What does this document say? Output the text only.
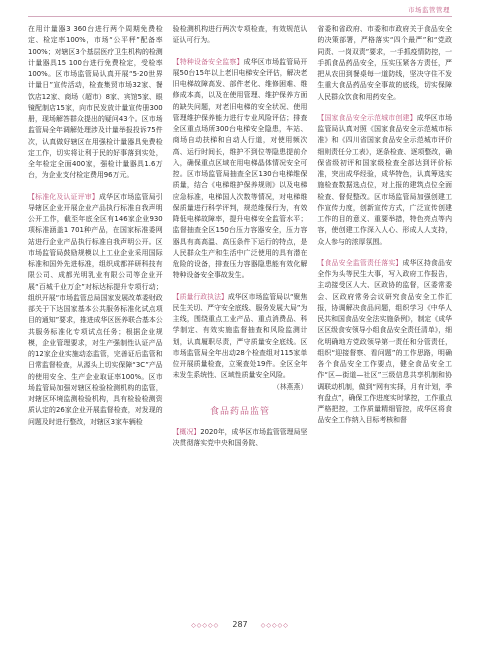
市场监管管理

在用计量器3 360台进行两个周期免费检定、检定率100%，市场“公平秤”配备率100%；对辖区3个基层医疗卫生机构的检测计量器具15 100台进行免费检定，受检率100%。区市场监管局认真开展“5·20世界计量日”宣传活动，检查集贸市场32家、餐饮店12家、商场（超市）8家、宾馆5家、眼镜配制店15家，向市民发放计量宣传册300册，现场解答群众提出的疑问43个。区市场监管局全年调解处理涉及计量举报投诉75件次，认真做好辖区在用强检计量器具免费检定工作，切实将让利于民的好事落到实处，全年检定全面400家，强检计量器具1.6万台，为企业支付检定费用96万元。

【标准化及认证评审】成华区市场监管局引导辖区企业开展企业产品执行标准自我声明公开工作，截至年底全区有146家企业930项标准涵盖1 701种产品，在国家标准委网站进行企业产品执行标准自我声明公开。区市场监管局鼓励规模以上工业企业采用国际标准和国外先进标准，组织成都祥研科技有限公司、成都光明乳业有限公司等企业开展“百城千业万企”对标达标提升专项行动；组织开展“市场监管总局国家发展改革委财政部关于下达国家基本公共服务标准化试点项目的通知”要求，推进成华区医养联合基本公共服务标准化专项试点任务；根据企业规模，企业管理要求，对生产强制性认证产品的12家企业实施动态监管，完善证后监管和日常监督检查，从源头上切实保障“3C”产品的使用安全、生产企业取证率100%。区市场监管局加强对辖区检验检测机构的监管，对辖区环境监测检验机构，具有检验检测资质认定的26家企业开展监督检查，对发现的问题及时进行整改，对辖区3家车辆检

验检测机构进行两次专项检查，有效规范认证认可行为。

【特种设备安全监察】成华区市场监管局开展50台15年以上老旧电梯安全评估，解决老旧电梯故障高发、部件老化、维修困难、维修成本高，以及在使用管理、维护保养方面的缺失问题，对老旧电梯的安全状况、使用管理维护保养能力进行专业风险评估；排查全区重点场所300台电梯安全隐患，车站、商场自动扶梯和自动人行道，对使用频次高、运行时间长，维护不到位等隐患提前介入，确保重点区域在用电梯晶体情况安全可控。区市场监管局抽查全区130台电梯维保质量，结合《电梯维护保养规则》以及电梯应急标准，电梯国人次数等情况，对电梯维保质量进行科学评判，规范维保行为，有效降低电梯故障率，提升电梯安全监管水平；监督抽查全区150台压力容器安全，压力容器具有高高温、高压条件下运行的特点，是人民群众生产和生活中广泛使用的具有潜在危险的设备，排查压力容器隐患能有效化解特种设备安全事故发生。

【质量行政执法】成华区市场监管局以“聚焦民生关切、严守安全底线、服务发展大局”为主线，围绕重点工业产品、重点消费品、科学制定、有效实施监督抽查和风险监测计划，认真履职尽责，严守质量安全底线。区市场监管局全年出动28个检查组对115家单位开展质量检查，立案查处19件。全区全年未发生系统性、区域性质量安全风险。

（林燕燕）
食品药品监管

【概况】2020年，成华区市场监管管理局坚决贯彻落实党中央和国务院、

省委和省政府、市委和市政府关于食品安全的决策部署，严格落实“四个最严”和“党政同责、一岗双责”要求，一手抓疫情防控，一手抓食品药品安全，压实压紧各方责任，严把从农田到餐桌每一道防线，坚决守住不发生重大食品药品安全事故的底线，切实保障人民群众饮食和用药安全。

【国家食品安全示范城市创建】成华区市场监管局认真对照《国家食品安全示范城市标准》和《四川省国家食品安全示范城市评价细则责任分工表》，逐条检查、逐项整改，确保省级初评和国家级检查全部达到评价标准，突出成华经验，成华特色，认真筹选实施检查数据选点位，对上报的建筑点位全面检查、督促整改。区市场监管局加强创建工作宣传力度，创新宣传方式，广泛宣传创建工作的目的意义、重要举措，特色亮点等内容，使创建工作深入人心、形成人人支持，众人参与的浓厚氛围。

【食品安全监管责任落实】成华区持食品安全作为头等民生大事，写入政府工作报告，主动接受区人大、区政协的监督，区委常委会、区政府常务会议研究食品安全工作汇报，协调解决食品问题，组织学习《中华人民共和国食品安全法实施条例》，制定《成华区区级食安领导小组食品安全责任清单》，细化明确地方党政领导第一责任和分管责任，组织“迎接督察、看问题”的工作思路，明确各个食品安全工作要点，健全食品安全工作“区—街道—社区”三级信息共享机制和协调联动机制，做到“网有实择，月有计划，季有盘点”，确保工作进度实时掌控，工作重点严格把控，工作质量精细管控，成华区将食品安全工作纳入目标考核和督

◇◇◇◇◇ 287 ◇◇◇◇◇
